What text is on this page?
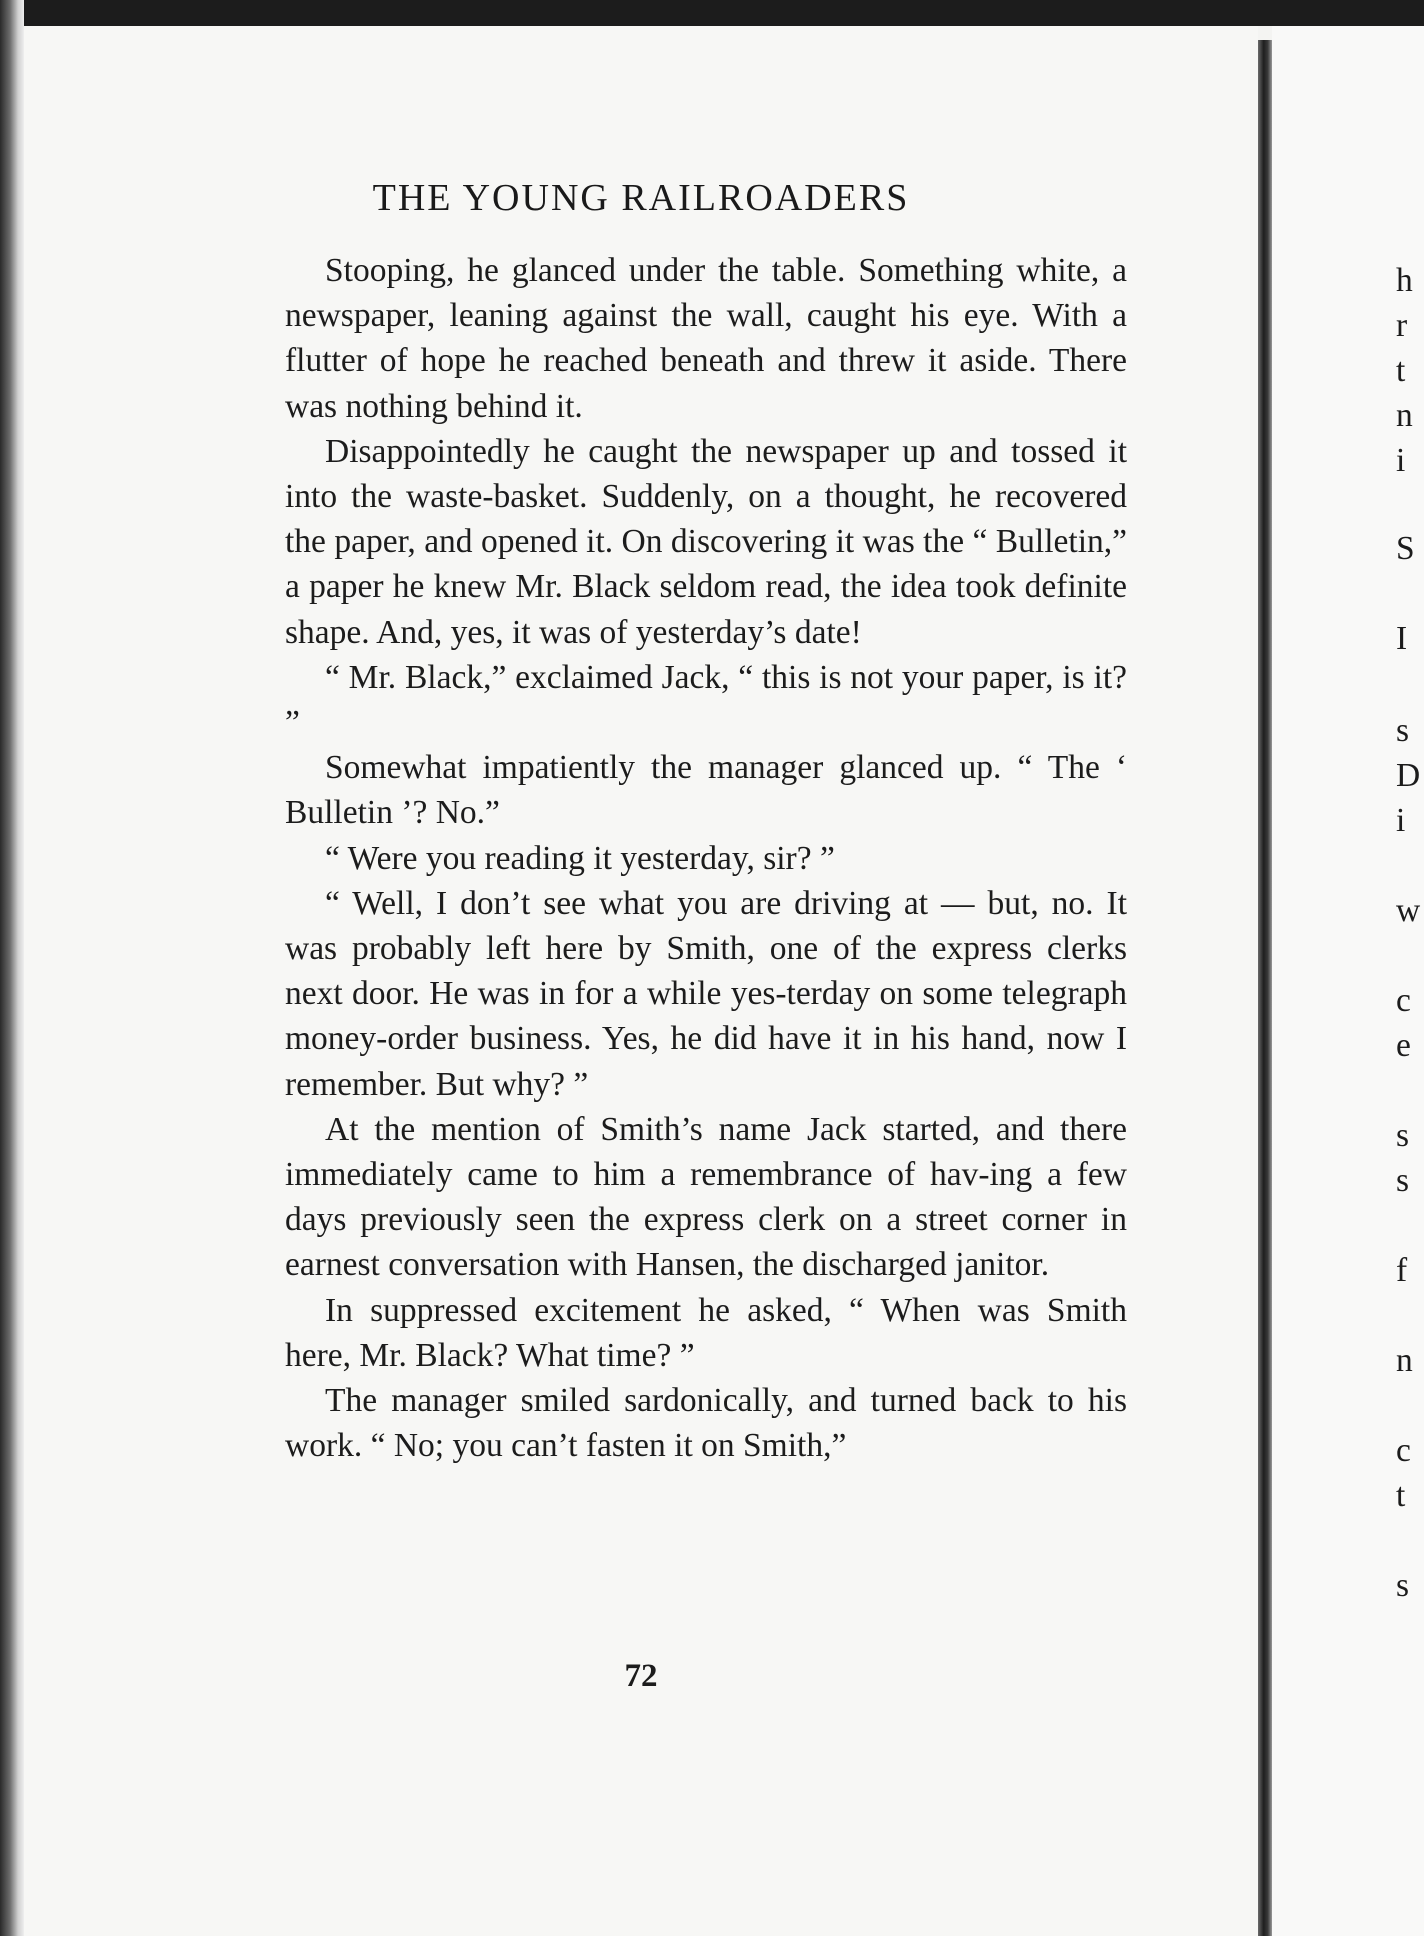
THE YOUNG RAILROADERS

Stooping, he glanced under the table. Something white, a newspaper, leaning against the wall, caught his eye. With a flutter of hope he reached beneath and threw it aside. There was nothing behind it.

Disappointedly he caught the newspaper up and tossed it into the waste-basket. Suddenly, on a thought, he recovered the paper, and opened it. On discovering it was the “ Bulletin,” a paper he knew Mr. Black seldom read, the idea took definite shape. And, yes, it was of yesterday’s date!

“ Mr. Black,” exclaimed Jack, “ this is not your paper, is it? ”

Somewhat impatiently the manager glanced up. “ The ‘ Bulletin ’? No.”

“ Were you reading it yesterday, sir? ”

“ Well, I don’t see what you are driving at — but, no. It was probably left here by Smith, one of the express clerks next door. He was in for a while yes-terday on some telegraph money-order business. Yes, he did have it in his hand, now I remember. But why? ”

At the mention of Smith’s name Jack started, and there immediately came to him a remembrance of hav-ing a few days previously seen the express clerk on a street corner in earnest conversation with Hansen, the discharged janitor.

In suppressed excitement he asked, “ When was Smith here, Mr. Black? What time? ”

The manager smiled sardonically, and turned back to his work. “ No; you can’t fasten it on Smith,”

72
h
r
t
n
i
S
I
s
D
i
w
c
e
s
s
f
n
c
t
s
